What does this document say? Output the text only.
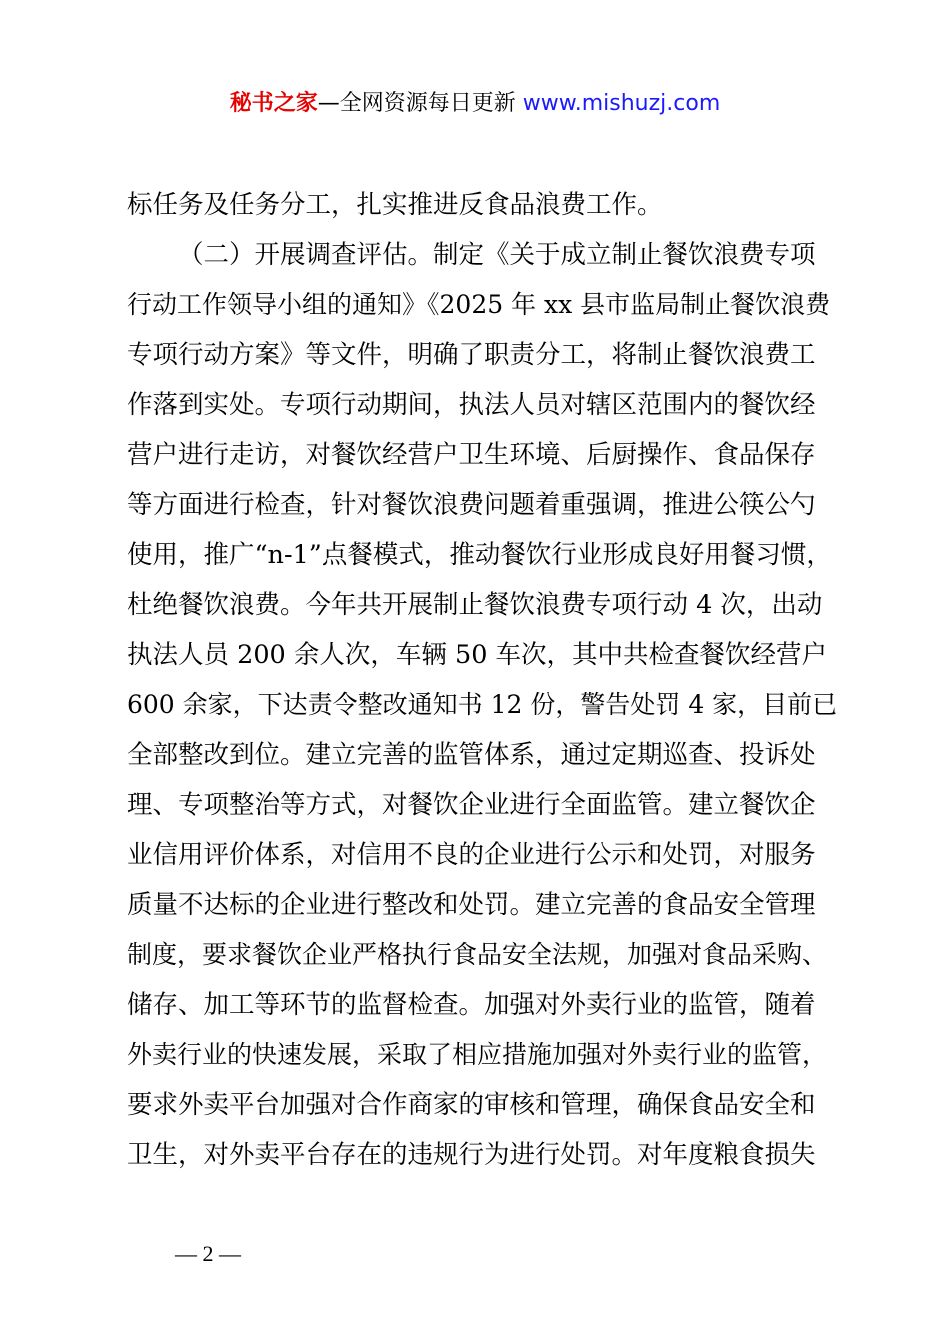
秘书之家—全网资源每日更新 www.mishuzj.com
标任务及任务分工，扎实推进反食品浪费工作。
（二）开展调查评估。制定《关于成立制止餐饮浪费专项
行动工作领导小组的通知》《2025 年 xx 县市监局制止餐饮浪费
专项行动方案》等文件，明确了职责分工，将制止餐饮浪费工
作落到实处。专项行动期间，执法人员对辖区范围内的餐饮经
营户进行走访，对餐饮经营户卫生环境、后厨操作、食品保存
等方面进行检查，针对餐饮浪费问题着重强调，推进公筷公勺
使用，推广“n-1”点餐模式，推动餐饮行业形成良好用餐习惯，
杜绝餐饮浪费。今年共开展制止餐饮浪费专项行动 4 次，出动
执法人员 200 余人次，车辆 50 车次，其中共检查餐饮经营户
600 余家，下达责令整改通知书 12 份，警告处罚 4 家，目前已
全部整改到位。建立完善的监管体系，通过定期巡查、投诉处
理、专项整治等方式，对餐饮企业进行全面监管。建立餐饮企
业信用评价体系，对信用不良的企业进行公示和处罚，对服务
质量不达标的企业进行整改和处罚。建立完善的食品安全管理
制度，要求餐饮企业严格执行食品安全法规，加强对食品采购、
储存、加工等环节的监督检查。加强对外卖行业的监管，随着
外卖行业的快速发展，采取了相应措施加强对外卖行业的监管，
要求外卖平台加强对合作商家的审核和管理，确保食品安全和
卫生，对外卖平台存在的违规行为进行处罚。对年度粮食损失
— 2 —
